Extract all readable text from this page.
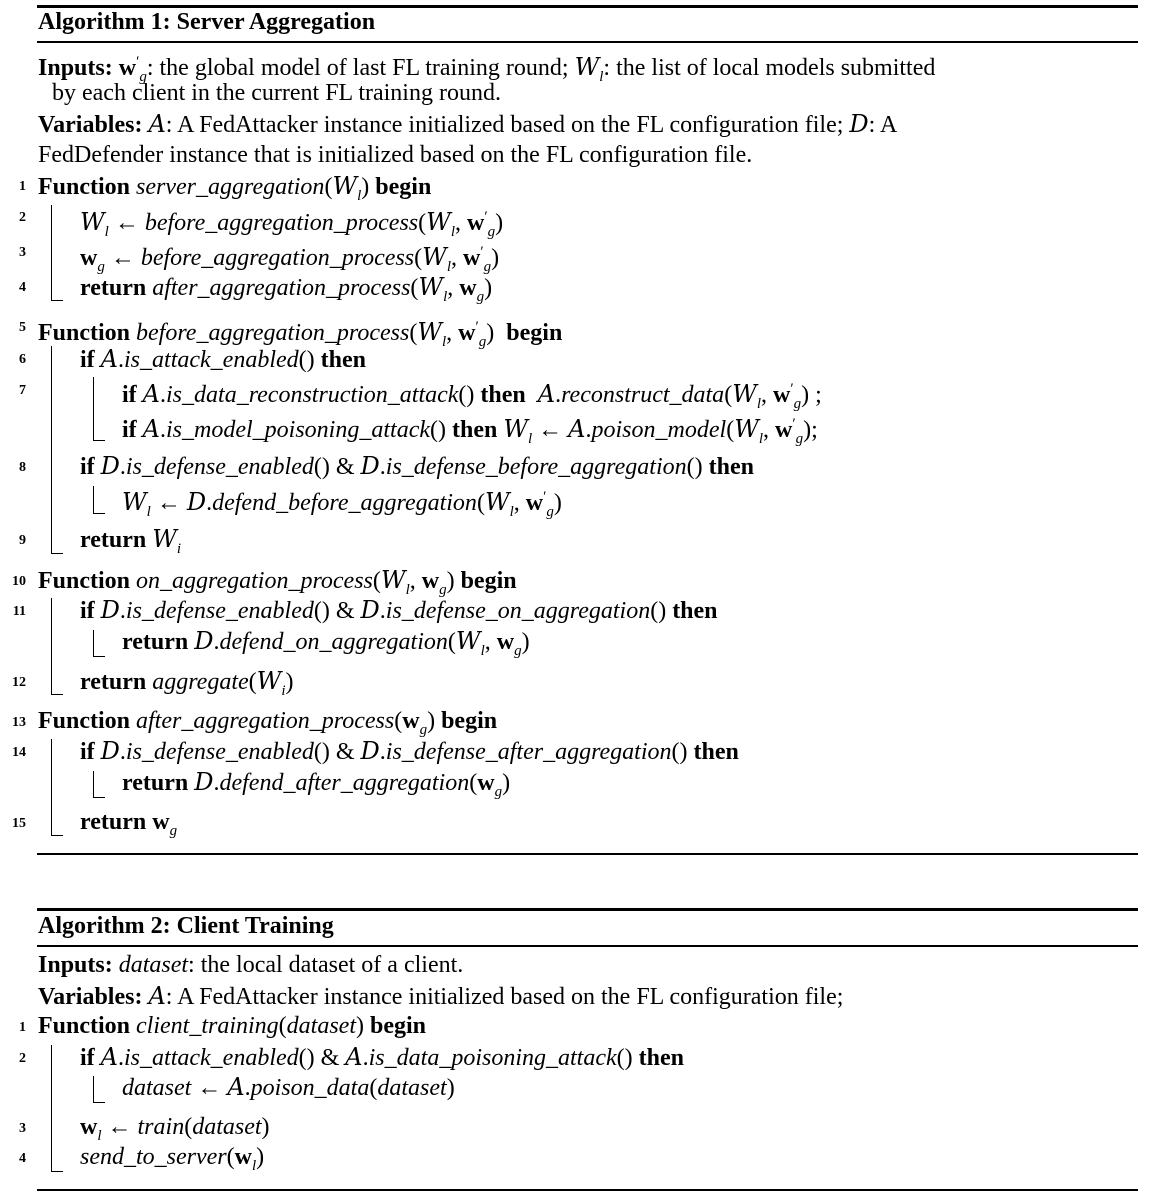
Algorithm 1: Server Aggregation
Inputs: $w'_g$: the global model of last FL training round; $W_l$: the list of local models submitted
by each client in the current FL training round.
Variables: A: A FedAttacker instance initialized based on the FL configuration file; D: A
FedDefender instance that is initialized based on the FL configuration file.
1 Function $server\_aggregation(W_l)$ begin
2 $W_l$ ← $before\_aggregation\_process(W_l$, $w'_g$)
3 $w_g$ ← $before\_aggregation\_process(W_l$, $w'_g$)
4 return $after\_aggregation\_process(W_l$, $w_g$)
5 Function $before\_aggregation\_process(W_l$, $w'_g$)  begin
6 if A.is_attack_enabled() then
7	if A.is_data_reconstruction_attack() then $A.reconstruct\_data(W_l$, $w'_g$) ;
if A.is_model_poisoning_attack() then $W_l$ ← $A.poison\_model(W_l$, $w'_g$);
8 if D.is_defense_enabled() & D.is_defense_before_aggregation() then
$W_l$ ← $D.defend\_before\_aggregation(W_l$, $w'_g$)
9 return $W_i$
10 Function $on\_aggregation\_process(W_l$, $w_g$) begin
11 if D.is_defense_enabled() & D.is_defense_on_aggregation() then
return $D.defend\_on\_aggregation(W_l$, $w_g$)
12 return $aggregate(W_i)$
13 Function $after\_aggregation\_process(w_g)$ begin
14 if D.is_defense_enabled() & D.is_defense_after_aggregation() then
return $D.defend\_after\_aggregation(w_g)$
15 return $w_g$
Algorithm 2: Client Training
Inputs: dataset: the local dataset of a client.
Variables: A: A FedAttacker instance initialized based on the FL configuration file;
1 Function client_training(dataset) begin
2 if A.is_attack_enabled() & A.is_data_poisoning_attack() then
dataset ← A.poison_data(dataset)
3 $w_l$ ← train(dataset)
4 $send\_to\_server(w_l)$
